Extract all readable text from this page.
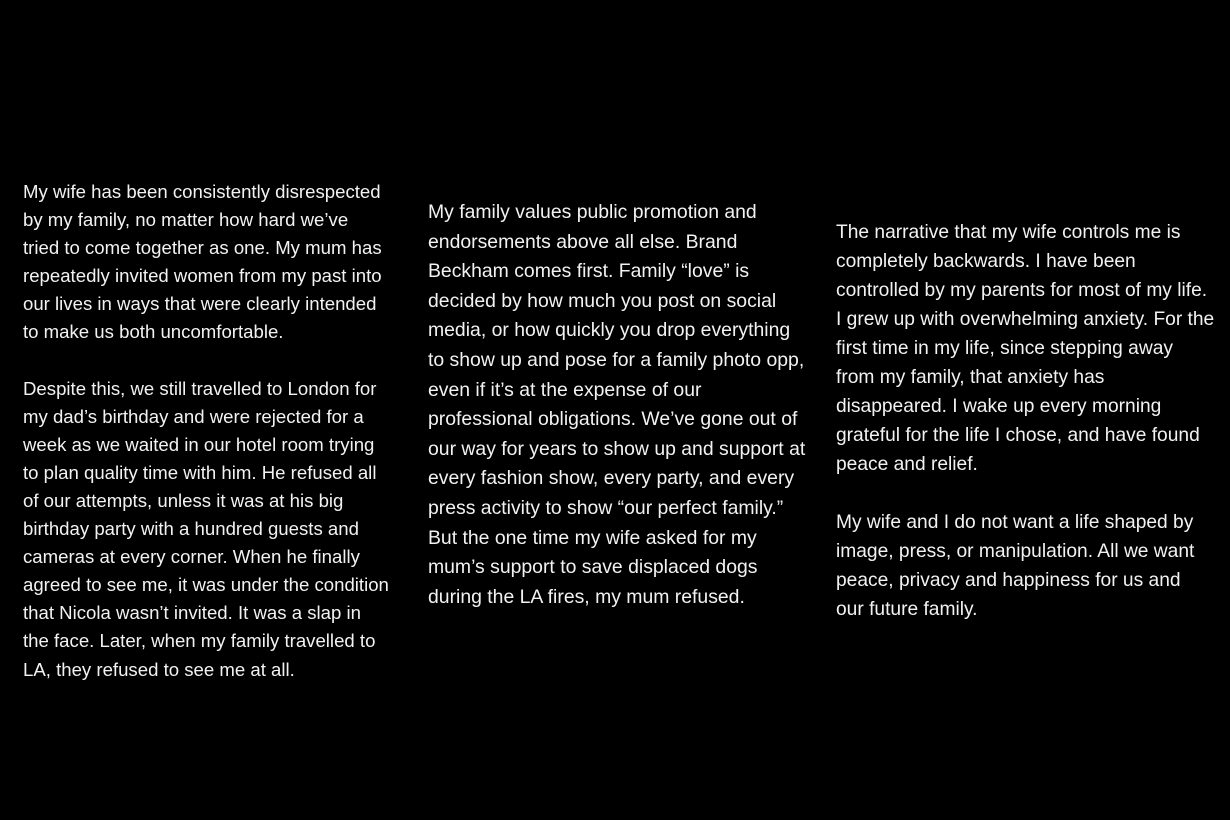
My wife has been consistently disrespected

by my family, no matter how hard we’ve

tried to come together as one. My mum has

repeatedly invited women from my past into

our lives in ways that were clearly intended

to make us both uncomfortable.

Despite this, we still travelled to London for

my dad’s birthday and were rejected for a

week as we waited in our hotel room trying

to plan quality time with him. He refused all

of our attempts, unless it was at his big

birthday party with a hundred guests and

cameras at every corner. When he finally

agreed to see me, it was under the condition

that Nicola wasn’t invited. It was a slap in

the face. Later, when my family travelled to

LA, they refused to see me at all.

My family values public promotion and

endorsements above all else. Brand

Beckham comes first. Family “love” is

decided by how much you post on social

media, or how quickly you drop everything

to show up and pose for a family photo opp,

even if it’s at the expense of our

professional obligations. We’ve gone out of

our way for years to show up and support at

every fashion show, every party, and every

press activity to show “our perfect family.”

But the one time my wife asked for my

mum’s support to save displaced dogs

during the LA fires, my mum refused.

The narrative that my wife controls me is

completely backwards. I have been

controlled by my parents for most of my life.

I grew up with overwhelming anxiety. For the

first time in my life, since stepping away

from my family, that anxiety has

disappeared. I wake up every morning

grateful for the life I chose, and have found

peace and relief.

My wife and I do not want a life shaped by

image, press, or manipulation. All we want

peace, privacy and happiness for us and

our future family.
